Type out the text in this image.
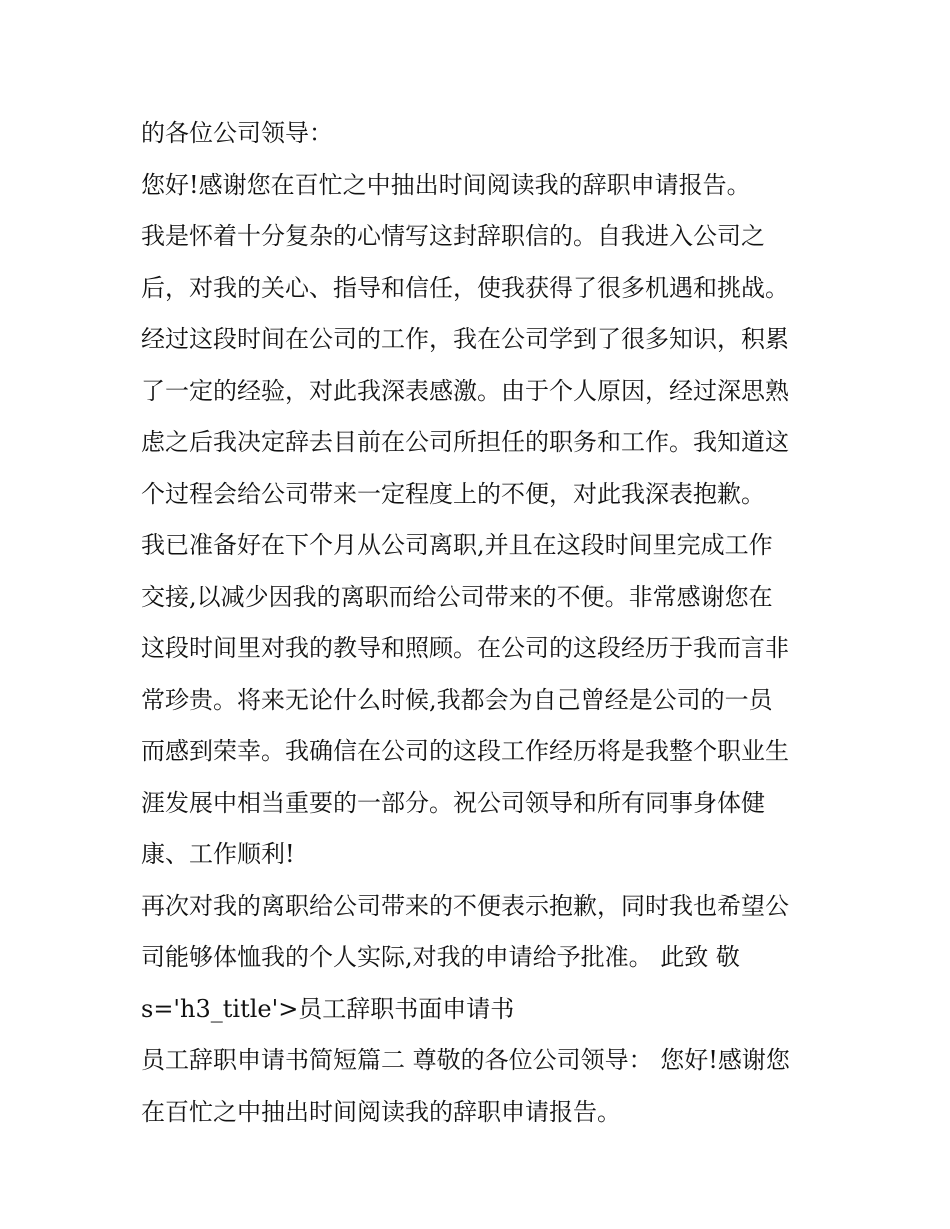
的各位公司领导：
您好!感谢您在百忙之中抽出时间阅读我的辞职申请报告。
我是怀着十分复杂的心情写这封辞职信的。自我进入公司之
后，对我的关心、指导和信任，使我获得了很多机遇和挑战。
经过这段时间在公司的工作，我在公司学到了很多知识，积累
了一定的经验，对此我深表感激。由于个人原因，经过深思熟
虑之后我决定辞去目前在公司所担任的职务和工作。我知道这
个过程会给公司带来一定程度上的不便，对此我深表抱歉。
我已准备好在下个月从公司离职,并且在这段时间里完成工作
交接,以减少因我的离职而给公司带来的不便。非常感谢您在
这段时间里对我的教导和照顾。在公司的这段经历于我而言非
常珍贵。将来无论什么时候,我都会为自己曾经是公司的一员
而感到荣幸。我确信在公司的这段工作经历将是我整个职业生
涯发展中相当重要的一部分。祝公司领导和所有同事身体健
康、工作顺利!
再次对我的离职给公司带来的不便表示抱歉，同时我也希望公
司能够体恤我的个人实际,对我的申请给予批准。 此致 敬
s='h3_title'>员工辞职书面申请书
员工辞职申请书简短篇二 尊敬的各位公司领导： 您好!感谢您
在百忙之中抽出时间阅读我的辞职申请报告。
